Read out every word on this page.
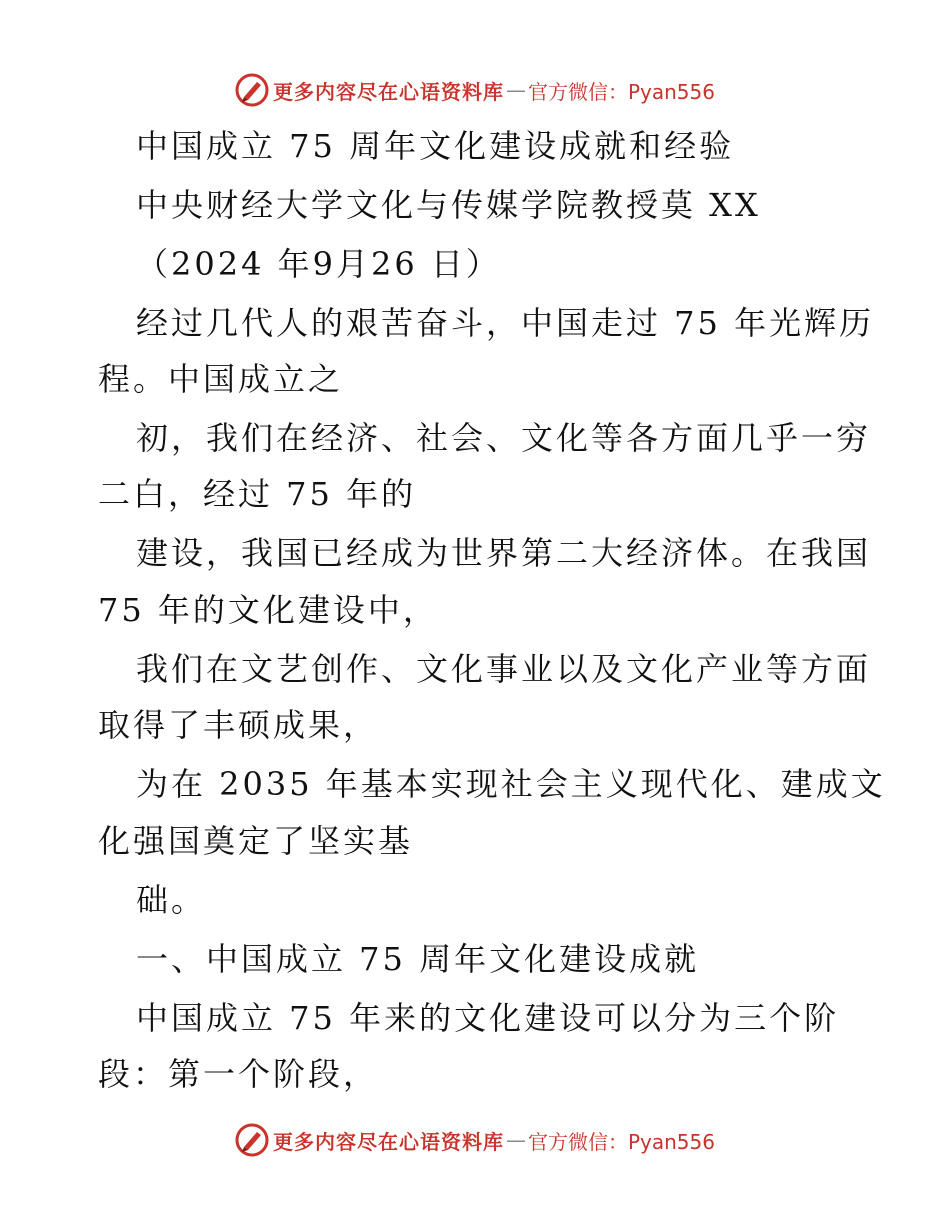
更多内容尽在心语资料库 — 官方微信：Pyan556
中国成立 75 周年文化建设成就和经验
中央财经大学文化与传媒学院教授莫 XX
（2024 年9月26 日）
经过几代人的艰苦奋斗，中国走过 75 年光辉历
程。中国成立之
初，我们在经济、社会、文化等各方面几乎一穷
二白，经过 75 年的
建设，我国已经成为世界第二大经济体。在我国
75 年的文化建设中，
我们在文艺创作、文化事业以及文化产业等方面
取得了丰硕成果，
为在 2035 年基本实现社会主义现代化、建成文
化强国奠定了坚实基
础。
一、中国成立 75 周年文化建设成就
中国成立 75 年来的文化建设可以分为三个阶
段：第一个阶段，
更多内容尽在心语资料库 — 官方微信：Pyan556
